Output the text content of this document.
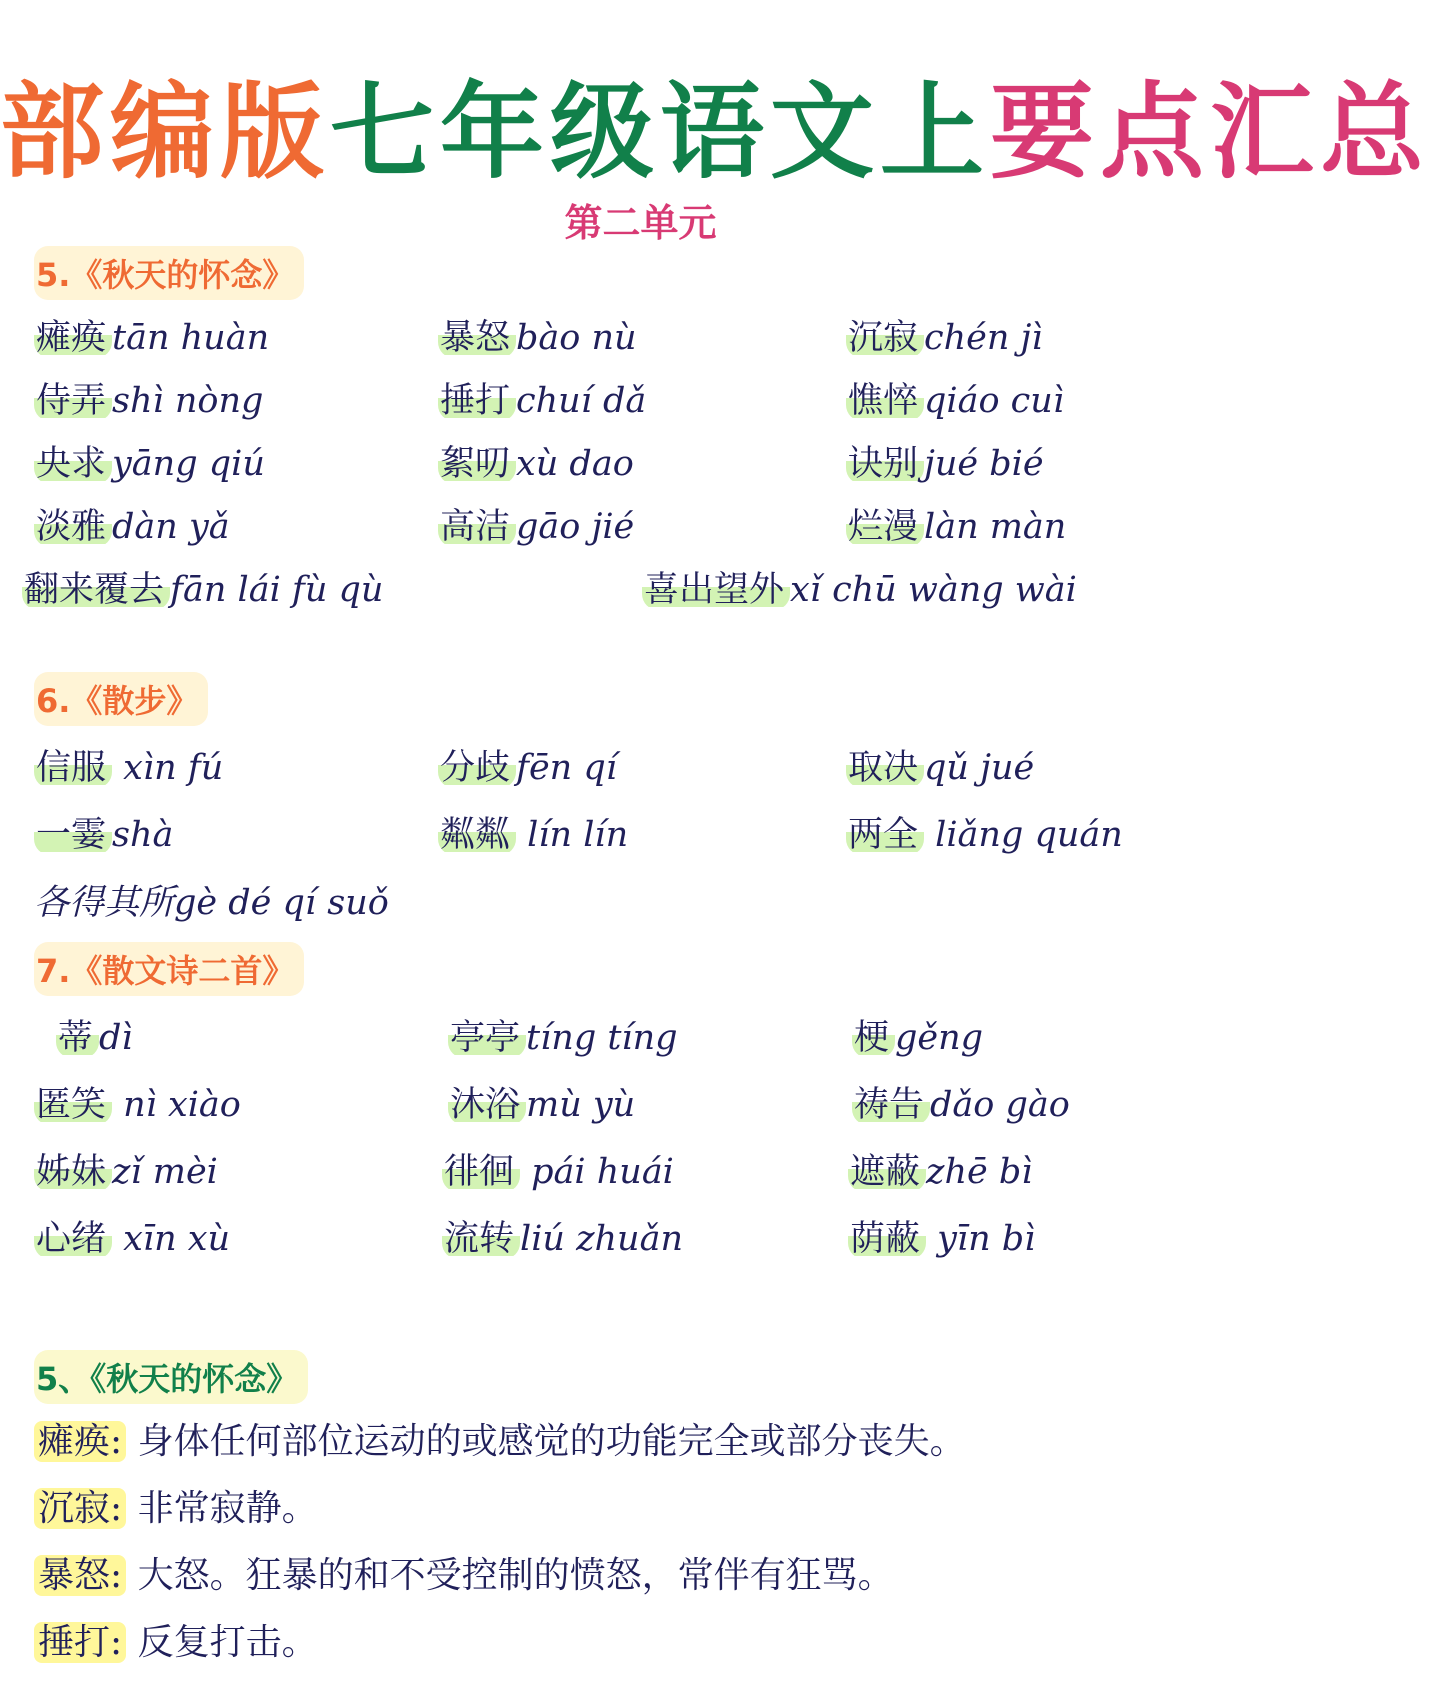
部编版七年级语文上要点汇总
第二单元
5.《秋天的怀念》
瘫痪 tān huàn	暴怒 bào nù	沉寂 chén jì
侍弄 shì nòng	捶打 chuí dǎ	憔悴 qiáo cuì
央求 yāng qiú	絮叨 xù dao	诀别 jué bié
淡雅 dàn yǎ	高洁 gāo jié	烂漫 làn màn
翻来覆去 fān lái fù qù	喜出望外 xǐ chū wàng wài
6.《散步》
信服 xìn fú	分歧 fēn qí	取决 qǔ jué
一霎 shà	粼粼 lín lín	两全 liǎng quán
各得其所gè dé qí suǒ
7.《散文诗二首》
蒂 dì	亭亭 tíng tíng	梗 gěng
匿笑 nì xiào	沐浴 mù yù	祷告 dǎo gào
姊妹 zǐ mèi	徘徊 pái huái	遮蔽 zhē bì
心绪 xīn xù	流转 liú zhuǎn	荫蔽 yīn bì
5、《秋天的怀念》
瘫痪: 身体任何部位运动的或感觉的功能完全或部分丧失。
沉寂: 非常寂静。
暴怒: 大怒。狂暴的和不受控制的愤怒，常伴有狂骂。
捶打: 反复打击。
